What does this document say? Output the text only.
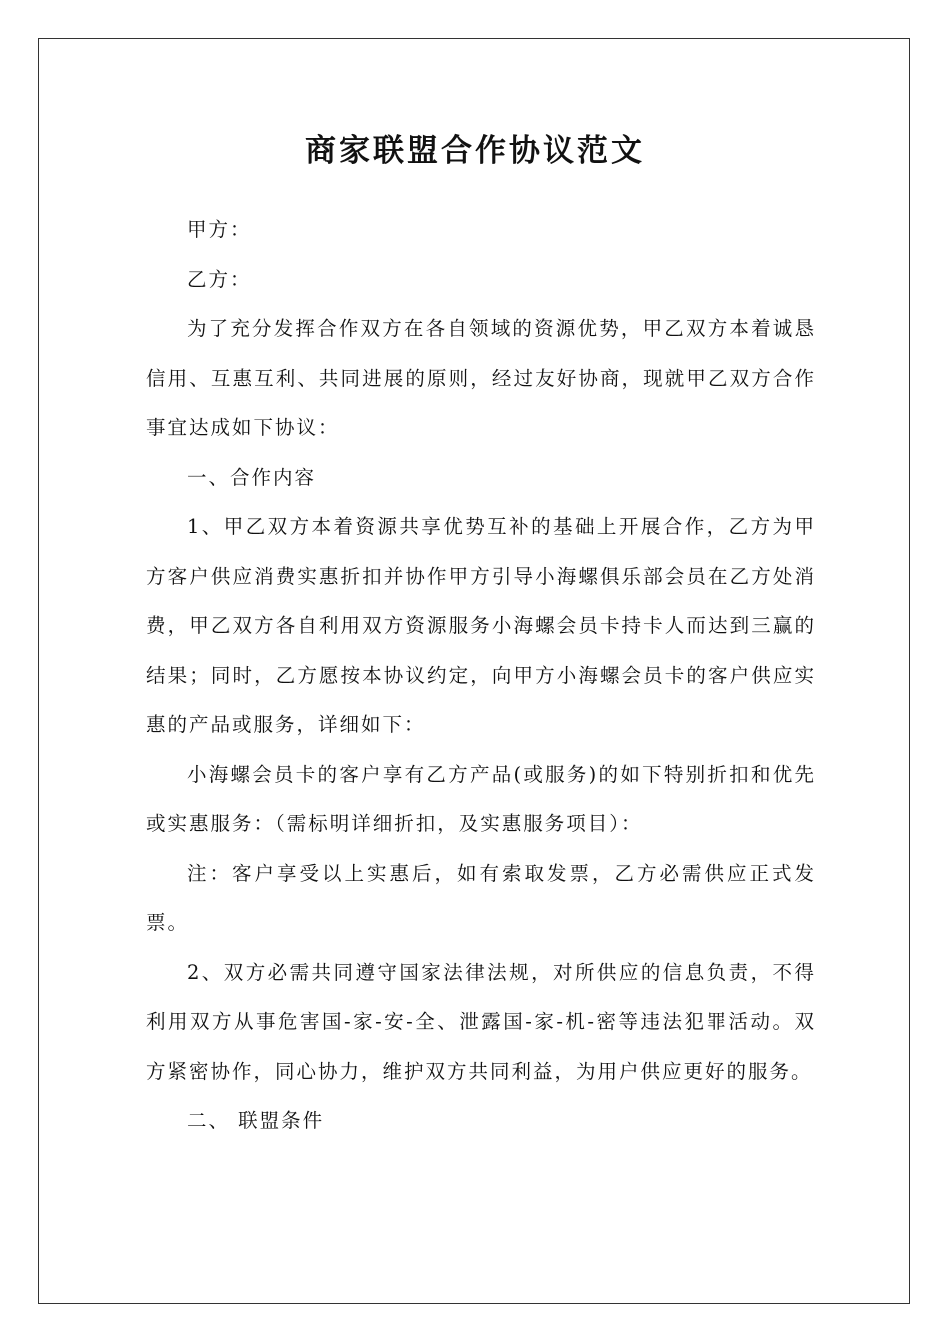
商家联盟合作协议范文

甲方：

乙方：

为了充分发挥合作双方在各自领域的资源优势，甲乙双方本着诚恳信用、互惠互利、共同进展的原则，经过友好协商，现就甲乙双方合作事宜达成如下协议：

一、合作内容

1、甲乙双方本着资源共享优势互补的基础上开展合作，乙方为甲方客户供应消费实惠折扣并协作甲方引导小海螺俱乐部会员在乙方处消费，甲乙双方各自利用双方资源服务小海螺会员卡持卡人而达到三赢的结果；同时，乙方愿按本协议约定，向甲方小海螺会员卡的客户供应实惠的产品或服务，详细如下：

小海螺会员卡的客户享有乙方产品(或服务)的如下特别折扣和优先或实惠服务：（需标明详细折扣，及实惠服务项目）：

注：客户享受以上实惠后，如有索取发票，乙方必需供应正式发票。

2、双方必需共同遵守国家法律法规，对所供应的信息负责，不得利用双方从事危害国-家-安-全、泄露国-家-机-密等违法犯罪活动。双方紧密协作，同心协力，维护双方共同利益，为用户供应更好的服务。

二、 联盟条件
